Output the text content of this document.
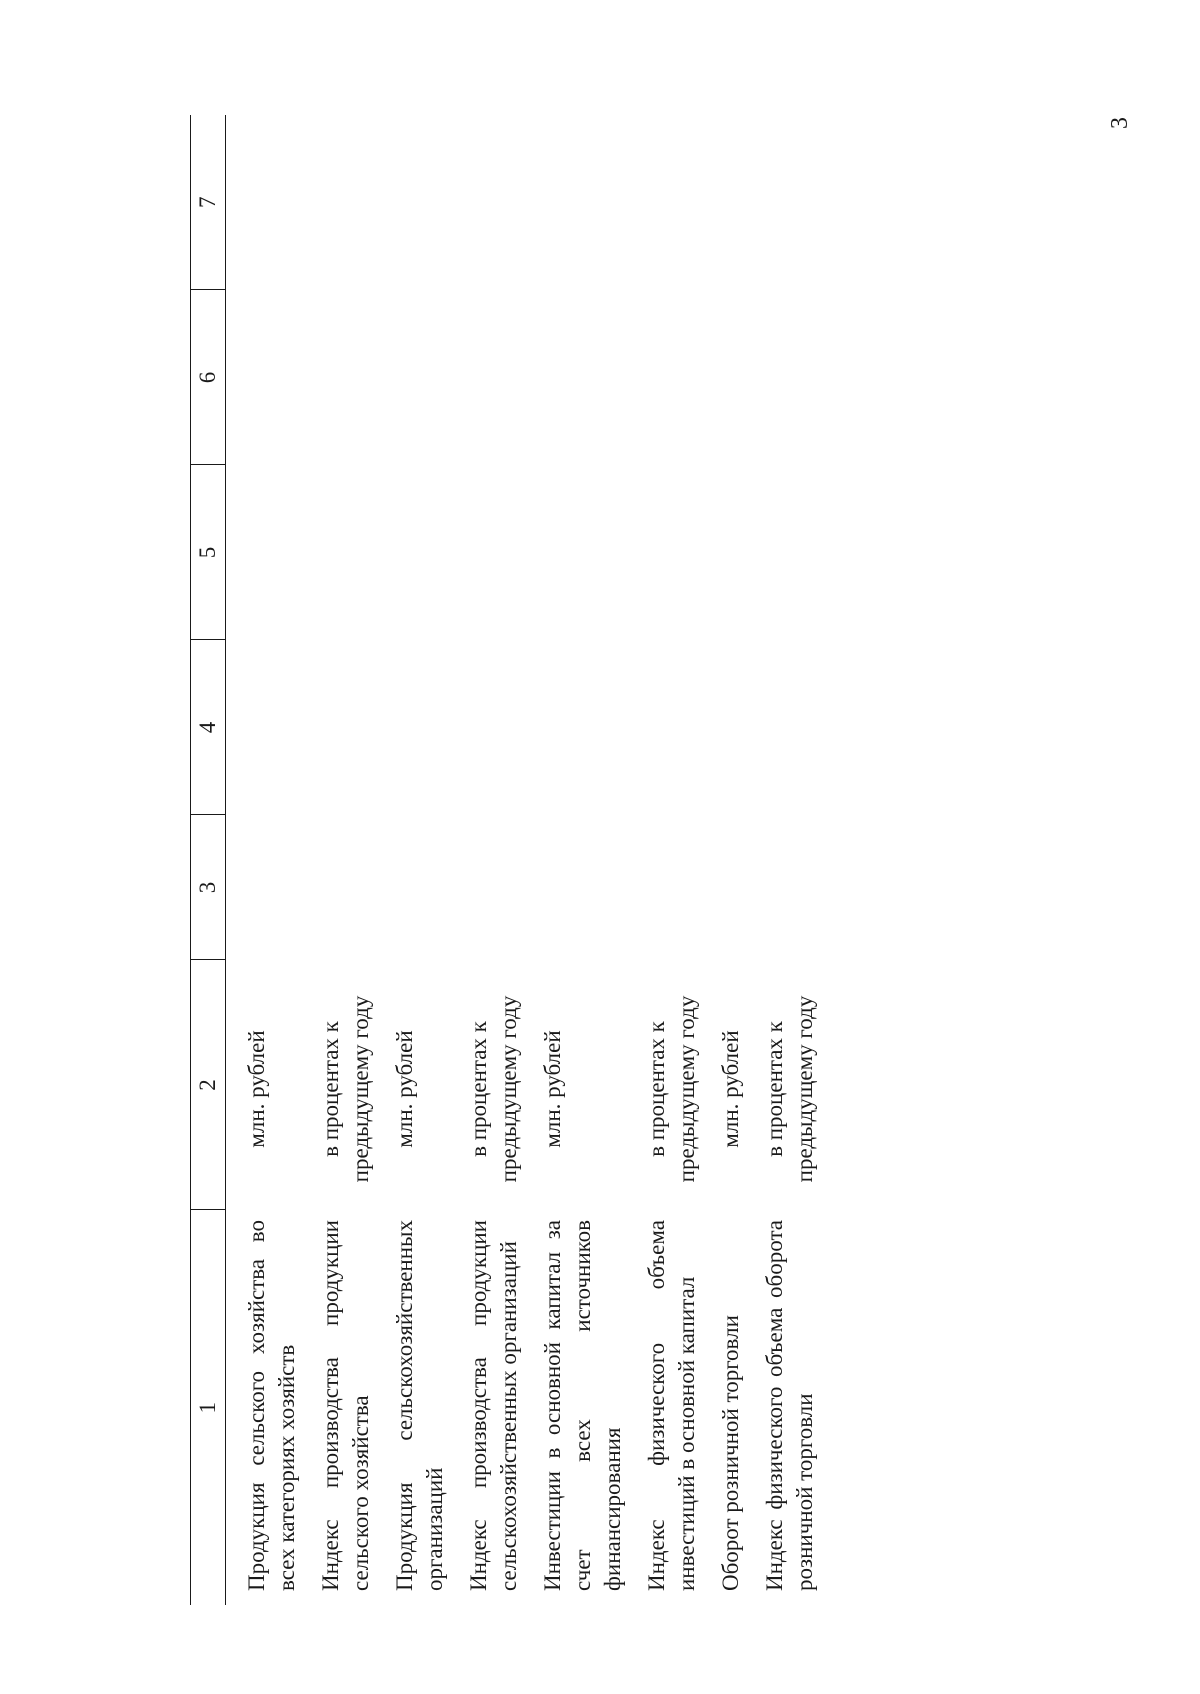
3
1	2	3	4	5	6	7
Продукция сельского хозяйства во всех категориях хозяйств	млн. рублей					
Индекс производства продукции сельского хозяйства	в процентах к предыдущему году					
Продукция сельскохозяйственных организаций	млн. рублей					
Индекс производства продукции сельскохозяйственных организаций	в процентах к предыдущему году					
Инвестиции в основной капитал за счет всех источников финансирования	млн. рублей					
Индекс физического объема инвестиций в основной капитал	в процентах к предыдущему году					
Оборот розничной торговли	млн. рублей					
Индекс физического объема оборота розничной торговли	в процентах к предыдущему году					
